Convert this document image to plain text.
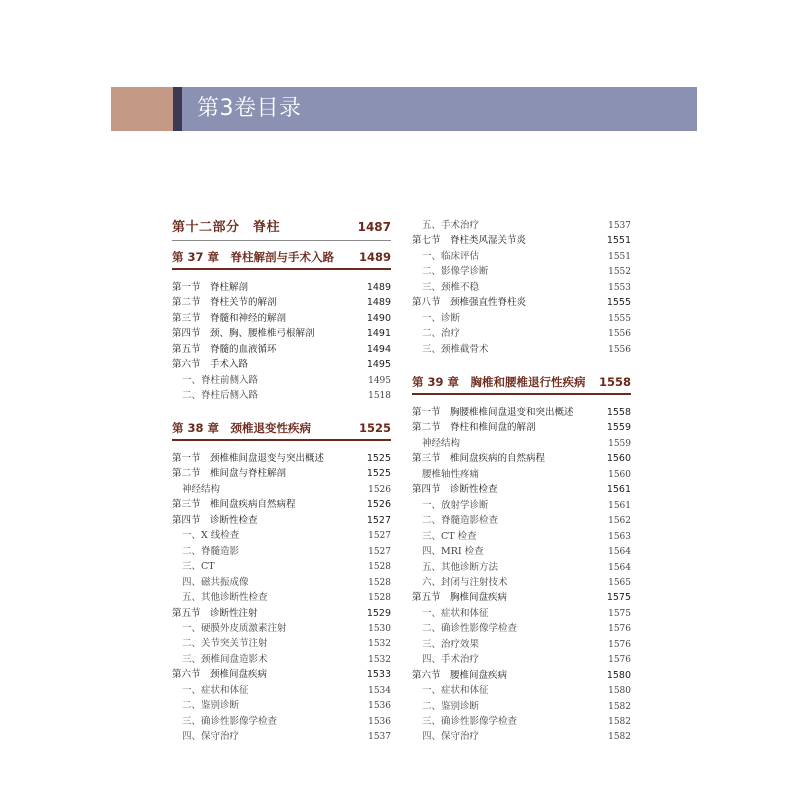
第3卷目录
第十二部分　脊柱	1487
第 37 章　脊柱解剖与手术入路 1489
第一节　脊柱解剖	1489
第二节　脊柱关节的解剖	1489
第三节　脊髓和神经的解剖	1490
第四节　颈、胸、腰椎椎弓根解剖	1491
第五节　脊髓的血液循环	1494
第六节　手术入路	1495
一、脊柱前侧入路	1495
二、脊柱后侧入路	1518
第 38 章　颈椎退变性疾病	1525
第一节　颈椎椎间盘退变与突出概述	1525
第二节　椎间盘与脊柱解剖	1525
神经结构	1526
第三节　椎间盘疾病自然病程	1526
第四节　诊断性检查	1527
一、X 线检查	1527
二、脊髓造影	1527
三、CT	1528
四、磁共振成像	1528
五、其他诊断性检查	1528
第五节　诊断性注射	1529
一、硬膜外皮质激素注射	1530
二、关节突关节注射	1532
三、颈椎间盘造影术	1532
第六节　颈椎间盘疾病	1533
一、症状和体征	1534
二、鉴别诊断	1536
三、确诊性影像学检查	1536
四、保守治疗	1537
五、手术治疗	1537
第七节　脊柱类风湿关节炎	1551
一、临床评估	1551
二、影像学诊断	1552
三、颈椎不稳	1553
第八节　颈椎强直性脊柱炎	1555
一、诊断	1555
二、治疗	1556
三、颈椎截骨术	1556
第 39 章　胸椎和腰椎退行性疾病 1558
第一节　胸腰椎椎间盘退变和突出概述	1558
第二节　脊柱和椎间盘的解剖	1559
神经结构	1559
第三节　椎间盘疾病的自然病程	1560
腰椎轴性疼痛	1560
第四节　诊断性检查	1561
一、放射学诊断	1561
二、脊髓造影检查	1562
三、CT 检查	1563
四、MRI 检查	1564
五、其他诊断方法	1564
六、封闭与注射技术	1565
第五节　胸椎间盘疾病	1575
一、症状和体征	1575
二、确诊性影像学检查	1576
三、治疗效果	1576
四、手术治疗	1576
第六节　腰椎间盘疾病	1580
一、症状和体征	1580
二、鉴别诊断	1582
三、确诊性影像学检查	1582
四、保守治疗	1582
